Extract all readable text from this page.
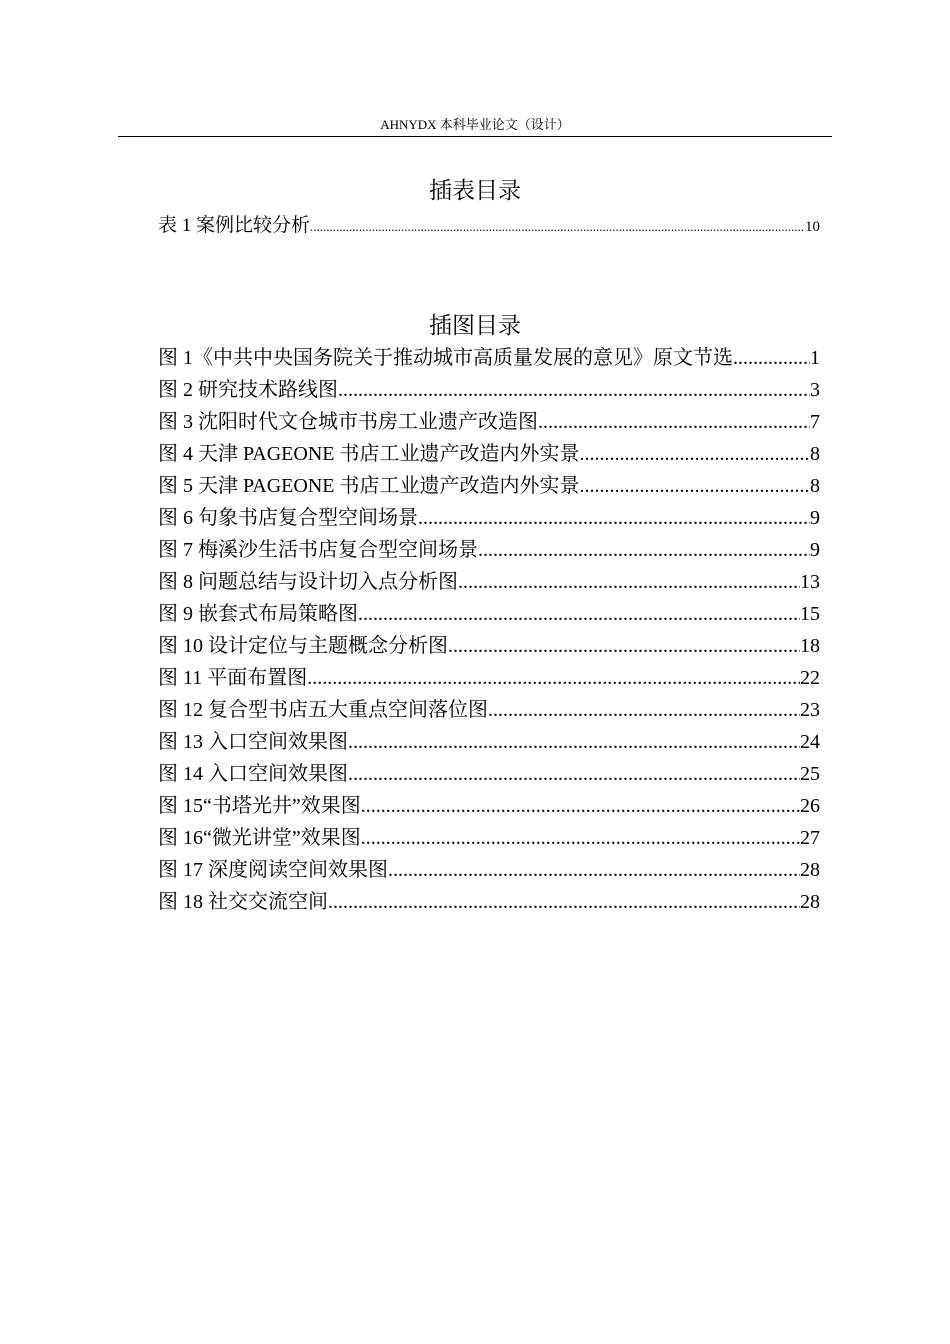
AHNYDX 本科毕业论文（设计）
插表目录
表 1 案例比较分析 .....	10
插图目录
图 1《中共中央国务院关于推动城市高质量发展的意见》原文节选 .....	1
图 2 研究技术路线图 .....	3
图 3 沈阳时代文仓城市书房工业遗产改造图 .....	7
图 4 天津 PAGEONE 书店工业遗产改造内外实景 .....	8
图 5 天津 PAGEONE 书店工业遗产改造内外实景 .....	8
图 6 句象书店复合型空间场景 .....	9
图 7 梅溪沙生活书店复合型空间场景 .....	9
图 8 问题总结与设计切入点分析图 .....	13
图 9 嵌套式布局策略图 .....	15
图 10 设计定位与主题概念分析图 .....	18
图 11 平面布置图 .....	22
图 12 复合型书店五大重点空间落位图 .....	23
图 13 入口空间效果图 .....	24
图 14 入口空间效果图 .....	25
图 15“书塔光井”效果图 .....	26
图 16“微光讲堂”效果图 .....	27
图 17 深度阅读空间效果图 .....	28
图 18 社交交流空间 .....	28
